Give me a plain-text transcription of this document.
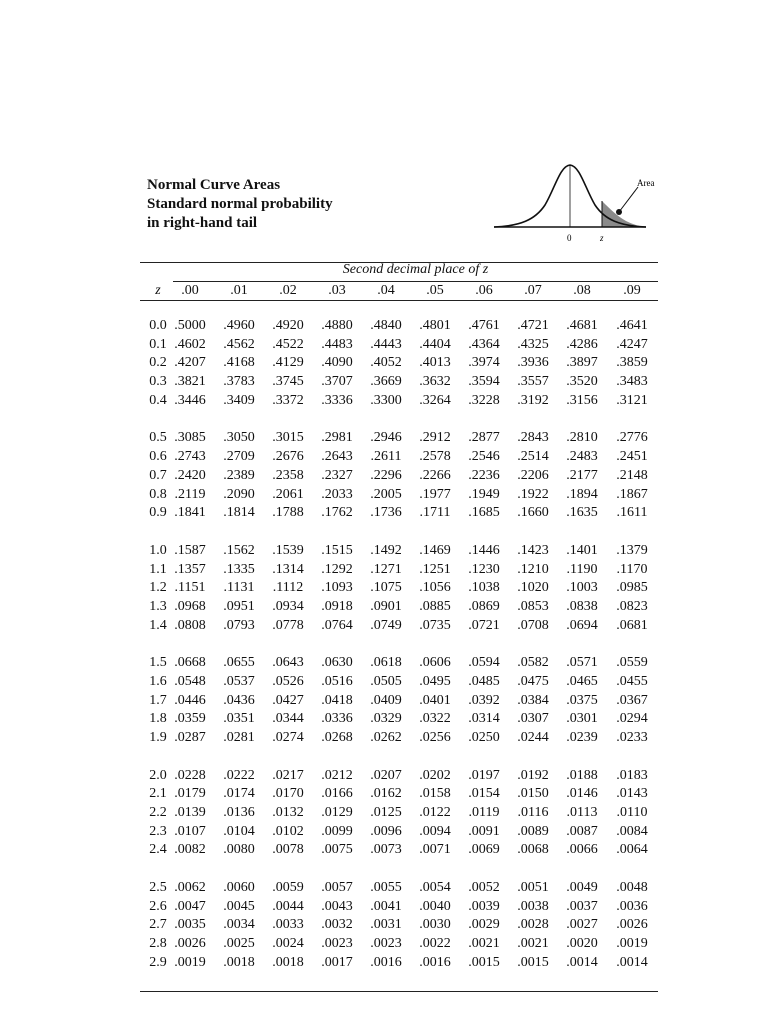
Normal Curve Areas
Standard normal probability
in right-hand tail
Area
0	z
Second decimal place of z
z	.00	.01	.02	.03	.04	.05	.06	.07	.08	.09
0.0 .5000	.4960	.4920	.4880	.4840	.4801	.4761	.4721	.4681	.4641
0.1 .4602	.4562	.4522	.4483	.4443	.4404	.4364	.4325	.4286	.4247
0.2 .4207	.4168	.4129	.4090	.4052	.4013	.3974	.3936	.3897	.3859
0.3 .3821	.3783	.3745	.3707	.3669	.3632	.3594	.3557	.3520	.3483
0.4 .3446	.3409	.3372	.3336	.3300	.3264	.3228	.3192	.3156	.3121
0.5 .3085	.3050	.3015	.2981	.2946	.2912	.2877	.2843	.2810	.2776
0.6 .2743	.2709	.2676	.2643	.2611	.2578	.2546	.2514	.2483	.2451
0.7 .2420	.2389	.2358	.2327	.2296	.2266	.2236	.2206	.2177	.2148
0.8 .2119	.2090	.2061	.2033	.2005	.1977	.1949	.1922	.1894	.1867
0.9 .1841	.1814	.1788	.1762	.1736	.1711	.1685	.1660	.1635	.1611
1.0 .1587	.1562	.1539	.1515	.1492	.1469	.1446	.1423	.1401	.1379
1.1 .1357	.1335	.1314	.1292	.1271	.1251	.1230	.1210	.1190	.1170
1.2 .1151	.1131	.1112	.1093	.1075	.1056	.1038	.1020	.1003	.0985
1.3 .0968	.0951	.0934	.0918	.0901	.0885	.0869	.0853	.0838	.0823
1.4 .0808	.0793	.0778	.0764	.0749	.0735	.0721	.0708	.0694	.0681
1.5 .0668	.0655	.0643	.0630	.0618	.0606	.0594	.0582	.0571	.0559
1.6 .0548	.0537	.0526	.0516	.0505	.0495	.0485	.0475	.0465	.0455
1.7 .0446	.0436	.0427	.0418	.0409	.0401	.0392	.0384	.0375	.0367
1.8 .0359	.0351	.0344	.0336	.0329	.0322	.0314	.0307	.0301	.0294
1.9 .0287	.0281	.0274	.0268	.0262	.0256	.0250	.0244	.0239	.0233
2.0 .0228	.0222	.0217	.0212	.0207	.0202	.0197	.0192	.0188	.0183
2.1 .0179	.0174	.0170	.0166	.0162	.0158	.0154	.0150	.0146	.0143
2.2 .0139	.0136	.0132	.0129	.0125	.0122	.0119	.0116	.0113	.0110
2.3 .0107	.0104	.0102	.0099	.0096	.0094	.0091	.0089	.0087	.0084
2.4 .0082	.0080	.0078	.0075	.0073	.0071	.0069	.0068	.0066	.0064
2.5 .0062	.0060	.0059	.0057	.0055	.0054	.0052	.0051	.0049	.0048
2.6 .0047	.0045	.0044	.0043	.0041	.0040	.0039	.0038	.0037	.0036
2.7 .0035	.0034	.0033	.0032	.0031	.0030	.0029	.0028	.0027	.0026
2.8 .0026	.0025	.0024	.0023	.0023	.0022	.0021	.0021	.0020	.0019
2.9 .0019	.0018	.0018	.0017	.0016	.0016	.0015	.0015	.0014	.0014
